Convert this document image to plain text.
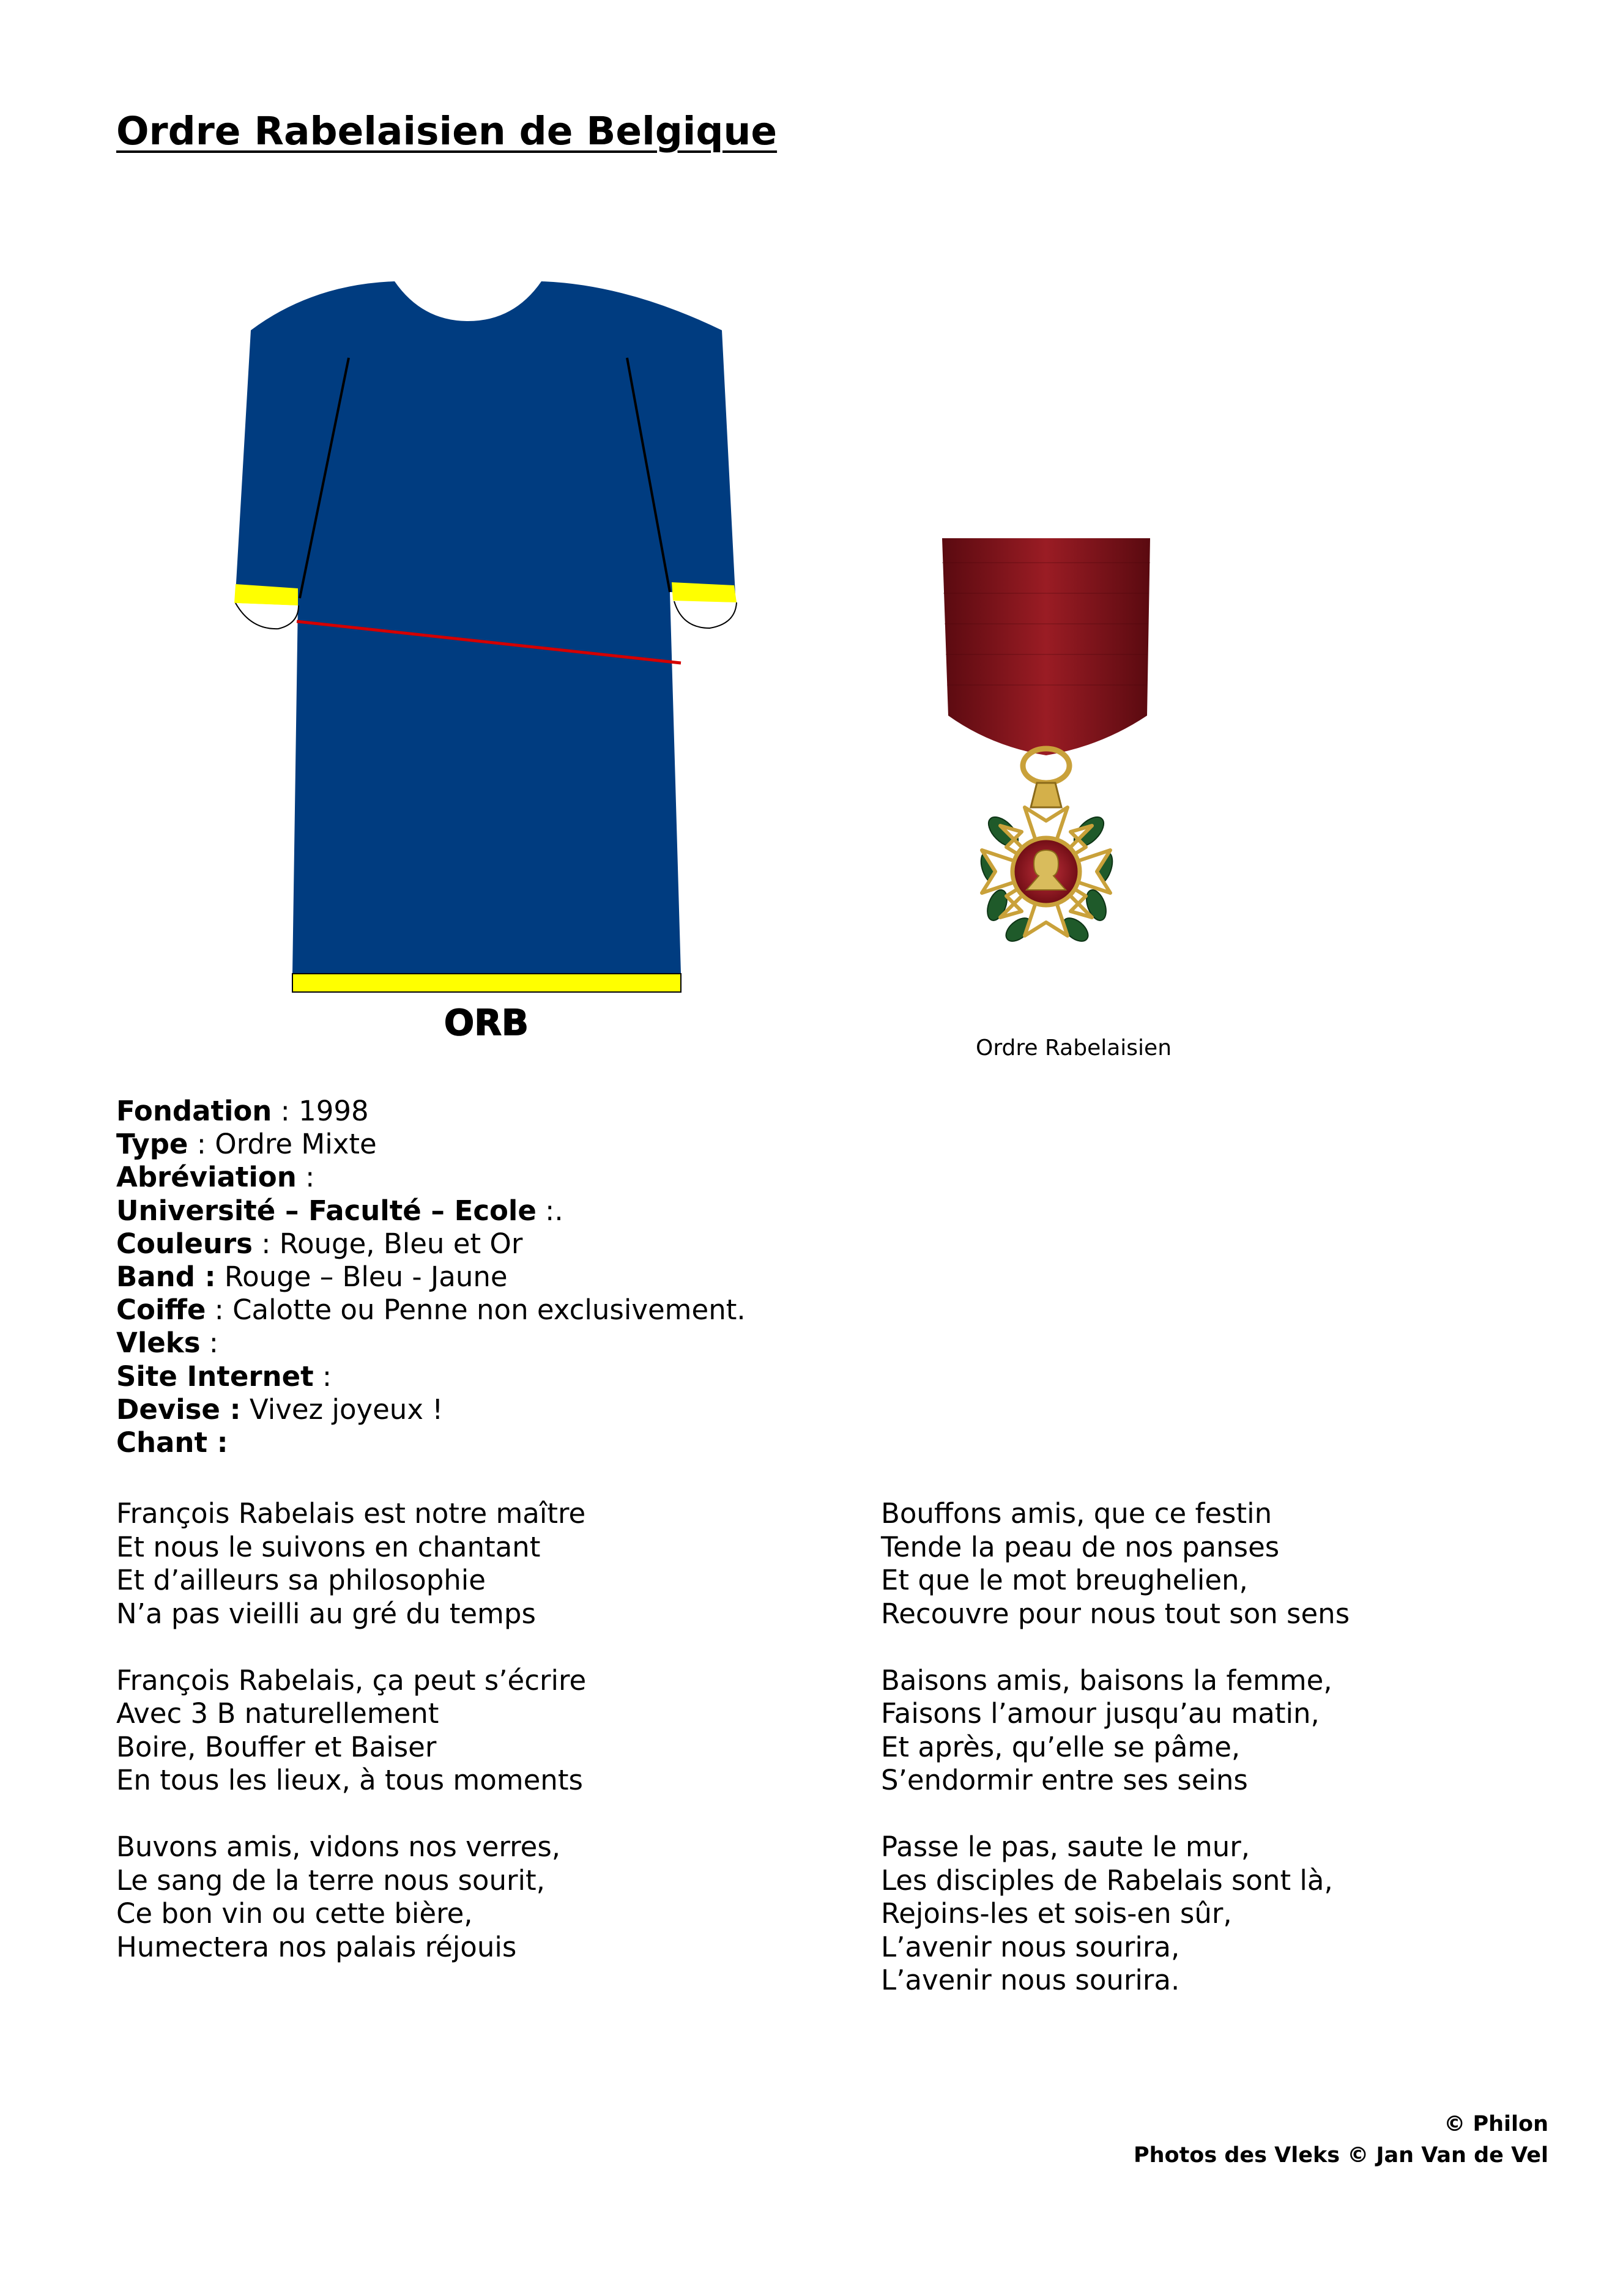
Ordre Rabelaisien de Belgique
ORB
Ordre Rabelaisien
Fondation : 1998
Type : Ordre Mixte
Abréviation :
Université – Faculté – Ecole :.
Couleurs : Rouge, Bleu et Or
Band : Rouge – Bleu - Jaune
Coiffe : Calotte ou Penne non exclusivement.
Vleks :
Site Internet :
Devise : Vivez joyeux !
Chant :
François Rabelais est notre maître
Et nous le suivons en chantant
Et d’ailleurs sa philosophie
N’a pas vieilli au gré du temps
François Rabelais, ça peut s’écrire
Avec 3 B naturellement
Boire, Bouffer et Baiser
En tous les lieux, à tous moments
Buvons amis, vidons nos verres,
Le sang de la terre nous sourit,
Ce bon vin ou cette bière,
Humectera nos palais réjouis
Bouffons amis, que ce festin
Tende la peau de nos panses
Et que le mot breughelien,
Recouvre pour nous tout son sens
Baisons amis, baisons la femme,
Faisons l’amour jusqu’au matin,
Et après, qu’elle se pâme,
S’endormir entre ses seins
Passe le pas, saute le mur,
Les disciples de Rabelais sont là,
Rejoins-les et sois-en sûr,
L’avenir nous sourira,
L’avenir nous sourira.
© Philon
Photos des Vleks © Jan Van de Vel
